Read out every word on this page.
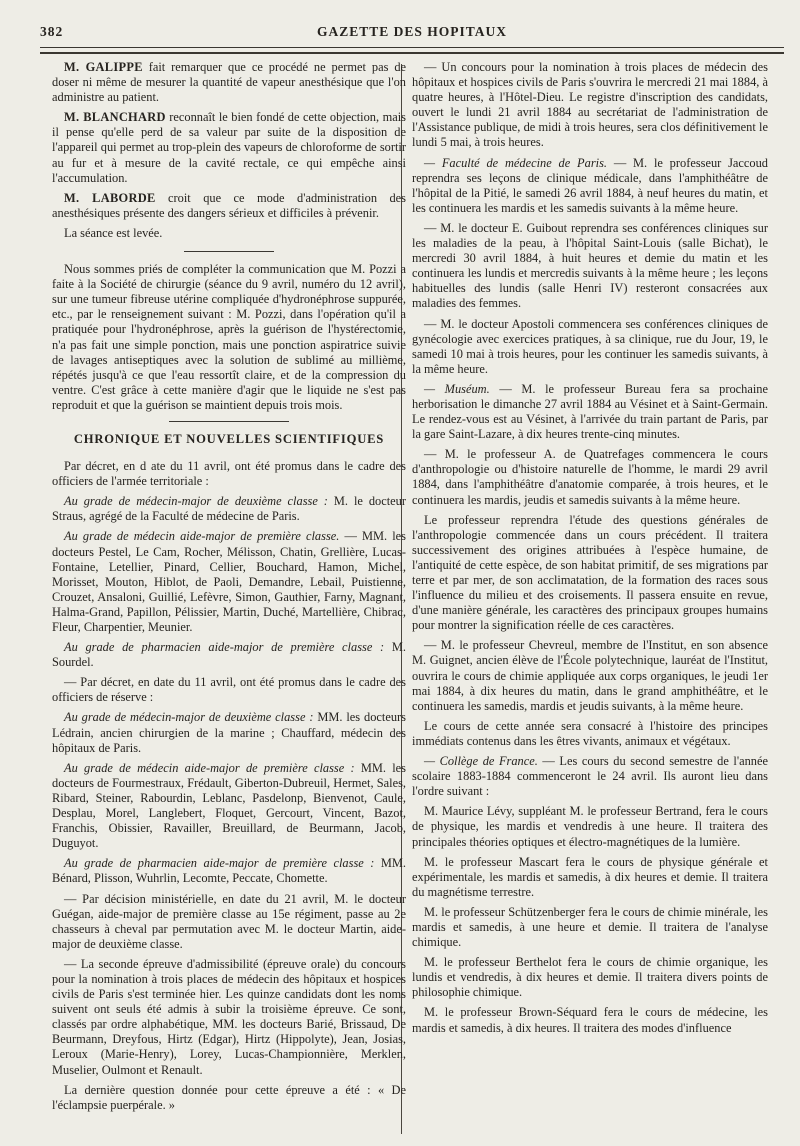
382	GAZETTE DES HOPITAUX

M. GALIPPE fait remarquer que ce procédé ne permet pas de doser ni même de mesurer la quantité de vapeur anesthésique que l'on administre au patient.

M. BLANCHARD reconnaît le bien fondé de cette objection, mais il pense qu'elle perd de sa valeur par suite de la disposition de l'appareil qui permet au trop-plein des vapeurs de chloroforme de sortir au fur et à mesure de la cavité rectale, ce qui empêche ainsi l'accumulation.

M. LABORDE croit que ce mode d'administration des anesthésiques présente des dangers sérieux et difficiles à prévenir.

La séance est levée.

Nous sommes priés de compléter la communication que M. Pozzi a faite à la Société de chirurgie (séance du 9 avril, numéro du 12 avril), sur une tumeur fibreuse utérine compliquée d'hydronéphrose suppurée, etc., par le renseignement suivant : M. Pozzi, dans l'opération qu'il a pratiquée pour l'hydronéphrose, après la guérison de l'hystérectomie, n'a pas fait une simple ponction, mais une ponction aspiratrice suivie de lavages antiseptiques avec la solution de sublimé au millième, répétés jusqu'à ce que l'eau ressortît claire, et de la compression du ventre. C'est grâce à cette manière d'agir que le liquide ne s'est pas reproduit et que la guérison se maintient depuis trois mois.

CHRONIQUE ET NOUVELLES SCIENTIFIQUES

Par décret, en d ate du 11 avril, ont été promus dans le cadre des officiers de l'armée territoriale :

Au grade de médecin-major de deuxième classe : M. le docteur Straus, agrégé de la Faculté de médecine de Paris.

Au grade de médecin aide-major de première classe. — MM. les docteurs Pestel, Le Cam, Rocher, Mélisson, Chatin, Grellière, Lucas-Fontaine, Letellier, Pinard, Cellier, Bouchard, Hamon, Michel, Morisset, Mouton, Hiblot, de Paoli, Demandre, Lebail, Puistienne, Crouzet, Ansaloni, Guillié, Lefèvre, Simon, Gauthier, Farny, Magnant, Halma-Grand, Papillon, Pélissier, Martin, Duché, Martellière, Chibrac, Fleur, Charpentier, Meunier.

Au grade de pharmacien aide-major de première classe : M. Sourdel.

— Par décret, en date du 11 avril, ont été promus dans le cadre des officiers de réserve :

Au grade de médecin-major de deuxième classe : MM. les docteurs Lédrain, ancien chirurgien de la marine ; Chauffard, médecin des hôpitaux de Paris.

Au grade de médecin aide-major de première classe : MM. les docteurs de Fourmestraux, Frédault, Giberton-Dubreuil, Hermet, Sales, Ribard, Steiner, Rabourdin, Leblanc, Pasdelonp, Bienvenot, Caule, Desplau, Morel, Langlebert, Floquet, Gercourt, Vincent, Bazot, Franchis, Obissier, Ravailler, Breuillard, de Beurmann, Jacob, Duguyot.

Au grade de pharmacien aide-major de première classe : MM. Bénard, Plisson, Wuhrlin, Lecomte, Peccate, Chomette.

— Par décision ministérielle, en date du 21 avril, M. le docteur Guégan, aide-major de première classe au 15e régiment, passe au 2e chasseurs à cheval par permutation avec M. le docteur Martin, aide-major de deuxième classe.

— La seconde épreuve d'admissibilité (épreuve orale) du concours pour la nomination à trois places de médecin des hôpitaux et hospices civils de Paris s'est terminée hier. Les quinze candidats dont les noms suivent ont seuls été admis à subir la troisième épreuve. Ce sont, classés par ordre alphabétique, MM. les docteurs Barié, Brissaud, De Beurmann, Dreyfous, Hirtz (Edgar), Hirtz (Hippolyte), Jean, Josias, Leroux (Marie-Henry), Lorey, Lucas-Championnière, Merklen, Muselier, Oulmont et Renault.

La dernière question donnée pour cette épreuve a été : « De l'éclampsie puerpérale. »

— Un concours pour la nomination à trois places de médecin des hôpitaux et hospices civils de Paris s'ouvrira le mercredi 21 mai 1884, à quatre heures, à l'Hôtel-Dieu. Le registre d'inscription des candidats, ouvert le lundi 21 avril 1884 au secrétariat de l'administration de l'Assistance publique, de midi à trois heures, sera clos définitivement le lundi 5 mai, à trois heures.

— Faculté de médecine de Paris. — M. le professeur Jaccoud reprendra ses leçons de clinique médicale, dans l'amphithéâtre de l'hôpital de la Pitié, le samedi 26 avril 1884, à neuf heures du matin, et les continuera les mardis et les samedis suivants à la même heure.

— M. le docteur E. Guibout reprendra ses conférences cliniques sur les maladies de la peau, à l'hôpital Saint-Louis (salle Bichat), le mercredi 30 avril 1884, à huit heures et demie du matin et les continuera les lundis et mercredis suivants à la même heure ; les leçons habituelles des lundis (salle Henri IV) resteront consacrées aux maladies des femmes.

— M. le docteur Apostoli commencera ses conférences cliniques de gynécologie avec exercices pratiques, à sa clinique, rue du Jour, 19, le samedi 10 mai à trois heures, pour les continuer les samedis suivants, à la même heure.

— Muséum. — M. le professeur Bureau fera sa prochaine herborisation le dimanche 27 avril 1884 au Vésinet et à Saint-Germain. Le rendez-vous est au Vésinet, à l'arrivée du train partant de Paris, par la gare Saint-Lazare, à dix heures trente-cinq minutes.

— M. le professeur A. de Quatrefages commencera le cours d'anthropologie ou d'histoire naturelle de l'homme, le mardi 29 avril 1884, dans l'amphithéâtre d'anatomie comparée, à trois heures, et le continuera les mardis, jeudis et samedis suivants à la même heure.

Le professeur reprendra l'étude des questions générales de l'anthropologie commencée dans un cours précédent. Il traitera successivement des origines attribuées à l'espèce humaine, de l'antiquité de cette espèce, de son habitat primitif, de ses migrations par terre et par mer, de son acclimatation, de la formation des races sous l'influence du milieu et des croisements. Il passera ensuite en revue, d'une manière générale, les caractères des principaux groupes humains pour montrer la signification réelle de ces caractères.

— M. le professeur Chevreul, membre de l'Institut, en son absence M. Guignet, ancien élève de l'École polytechnique, lauréat de l'Institut, ouvrira le cours de chimie appliquée aux corps organiques, le jeudi 1er mai 1884, à dix heures du matin, dans le grand amphithéâtre, et le continuera les samedis, mardis et jeudis suivants, à la même heure.

Le cours de cette année sera consacré à l'histoire des principes immédiats contenus dans les êtres vivants, animaux et végétaux.

— Collège de France. — Les cours du second semestre de l'année scolaire 1883-1884 commenceront le 24 avril. Ils auront lieu dans l'ordre suivant :

M. Maurice Lévy, suppléant M. le professeur Bertrand, fera le cours de physique, les mardis et vendredis à une heure. Il traitera des principales théories optiques et électro-magnétiques de la lumière.

M. le professeur Mascart fera le cours de physique générale et expérimentale, les mardis et samedis, à dix heures et demie. Il traitera du magnétisme terrestre.

M. le professeur Schützenberger fera le cours de chimie minérale, les mardis et samedis, à une heure et demie. Il traitera de l'analyse chimique.

M. le professeur Berthelot fera le cours de chimie organique, les lundis et vendredis, à dix heures et demie. Il traitera divers points de philosophie chimique.

M. le professeur Brown-Séquard fera le cours de médecine, les mardis et samedis, à dix heures. Il traitera des modes d'influence
